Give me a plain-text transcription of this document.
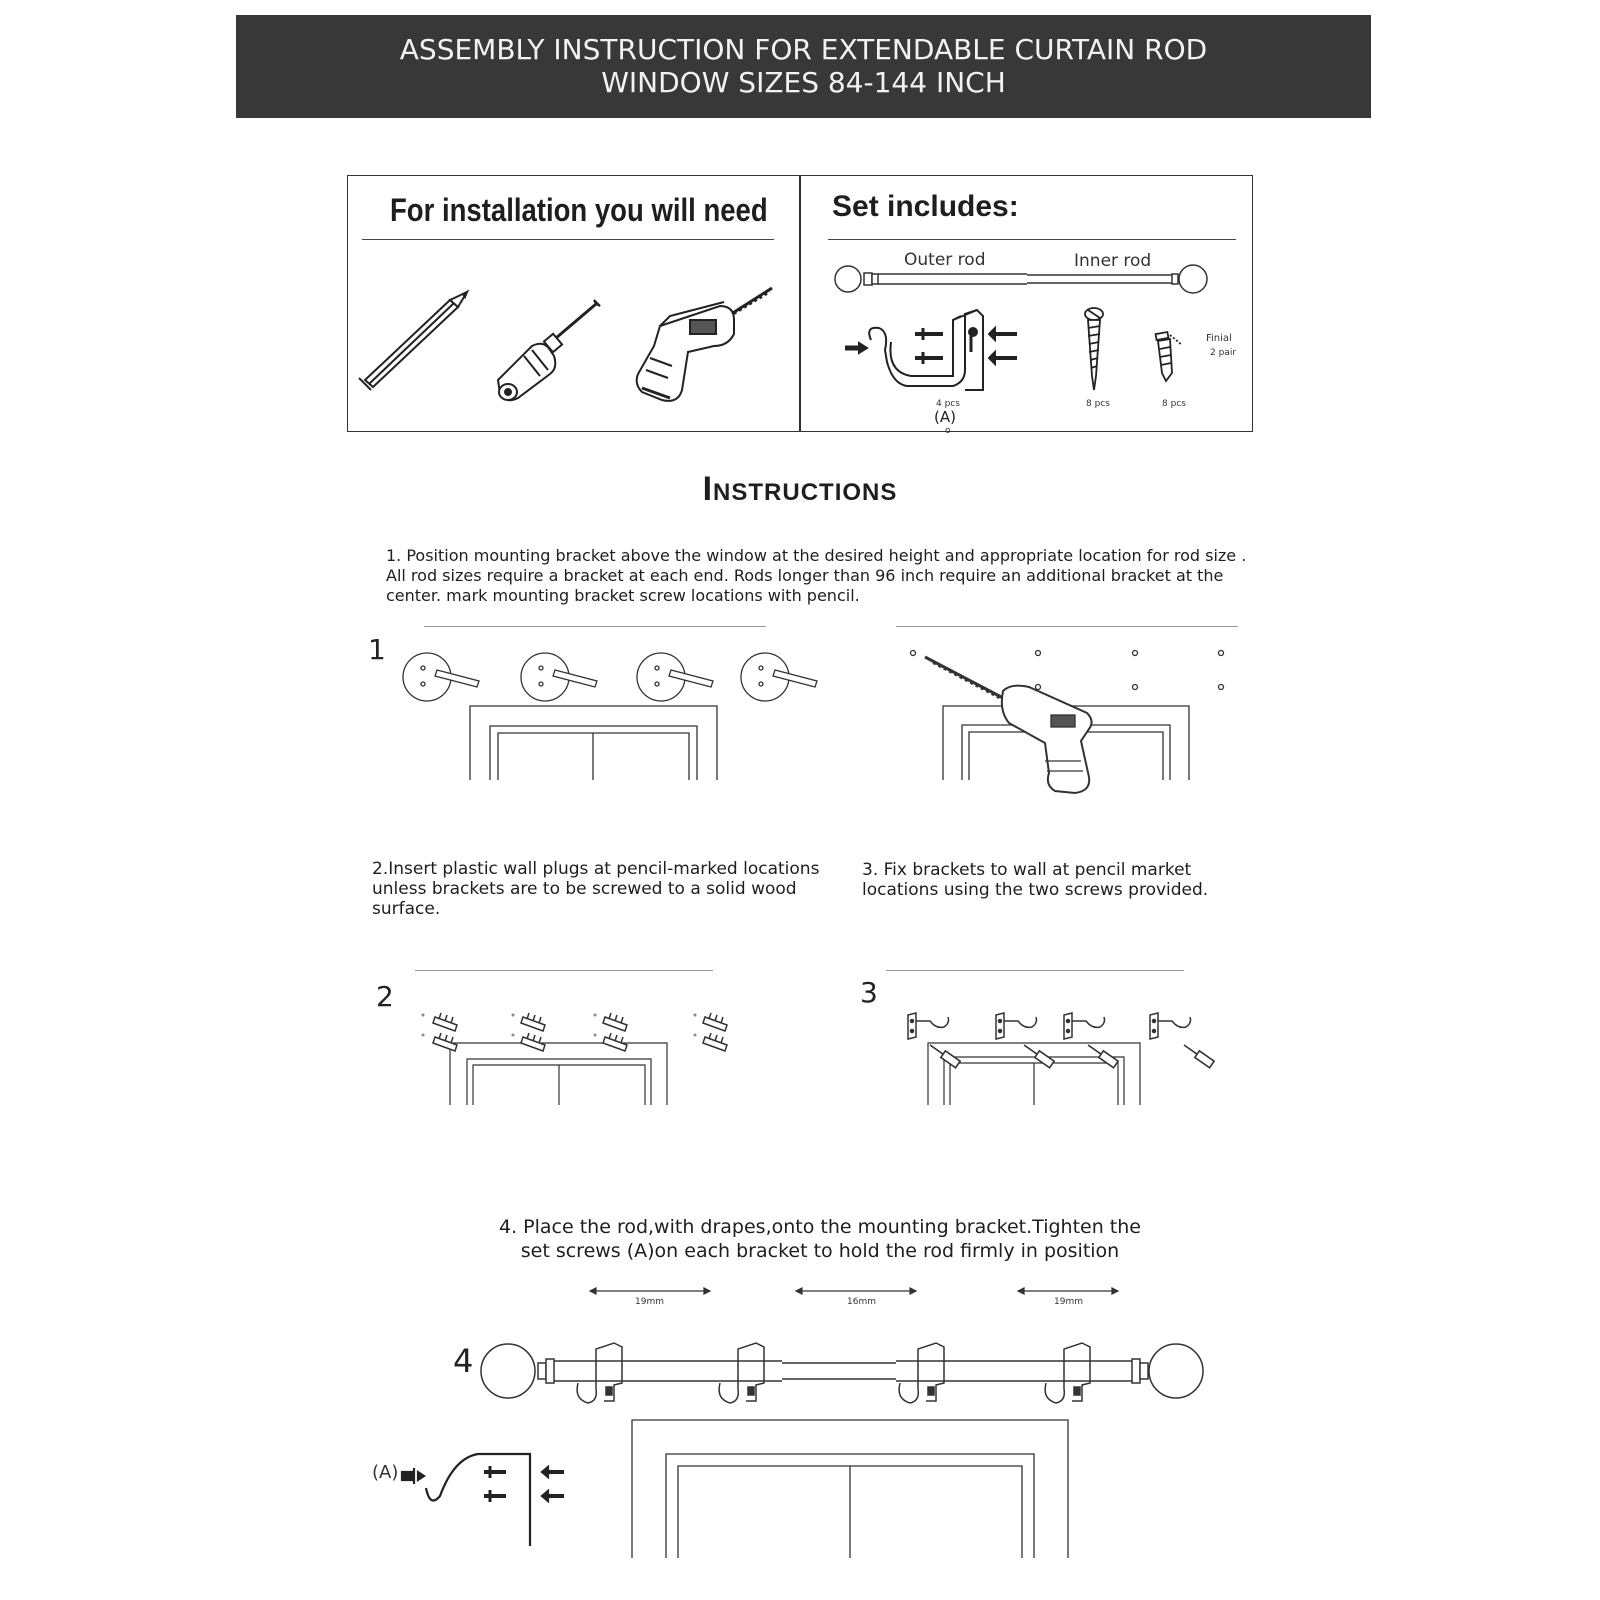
ASSEMBLY INSTRUCTION FOR EXTENDABLE CURTAIN ROD
WINDOW SIZES 84-144 INCH
For installation you will need Set includes:
Outer rod	Inner rod
4 pcs
(A)
o
8 pcs	8 pcs
Finial
2 pair
Instructions
1. Position mounting bracket above the window at the desired height and appropriate location for rod size .
All rod sizes require a bracket at each end. Rods longer than 96 inch require an additional bracket at the
center. mark mounting bracket screw locations with pencil.
1
2.Insert plastic wall plugs at pencil-marked locations
unless brackets are to be screwed to a solid wood
surface.
3. Fix brackets to wall at pencil market
locations using the two screws provided.
2	3
4. Place the rod,with drapes,onto the mounting bracket.Tighten the
set screws (A)on each bracket to hold the rod firmly in position
19mm	16mm	19mm
4
(A)
